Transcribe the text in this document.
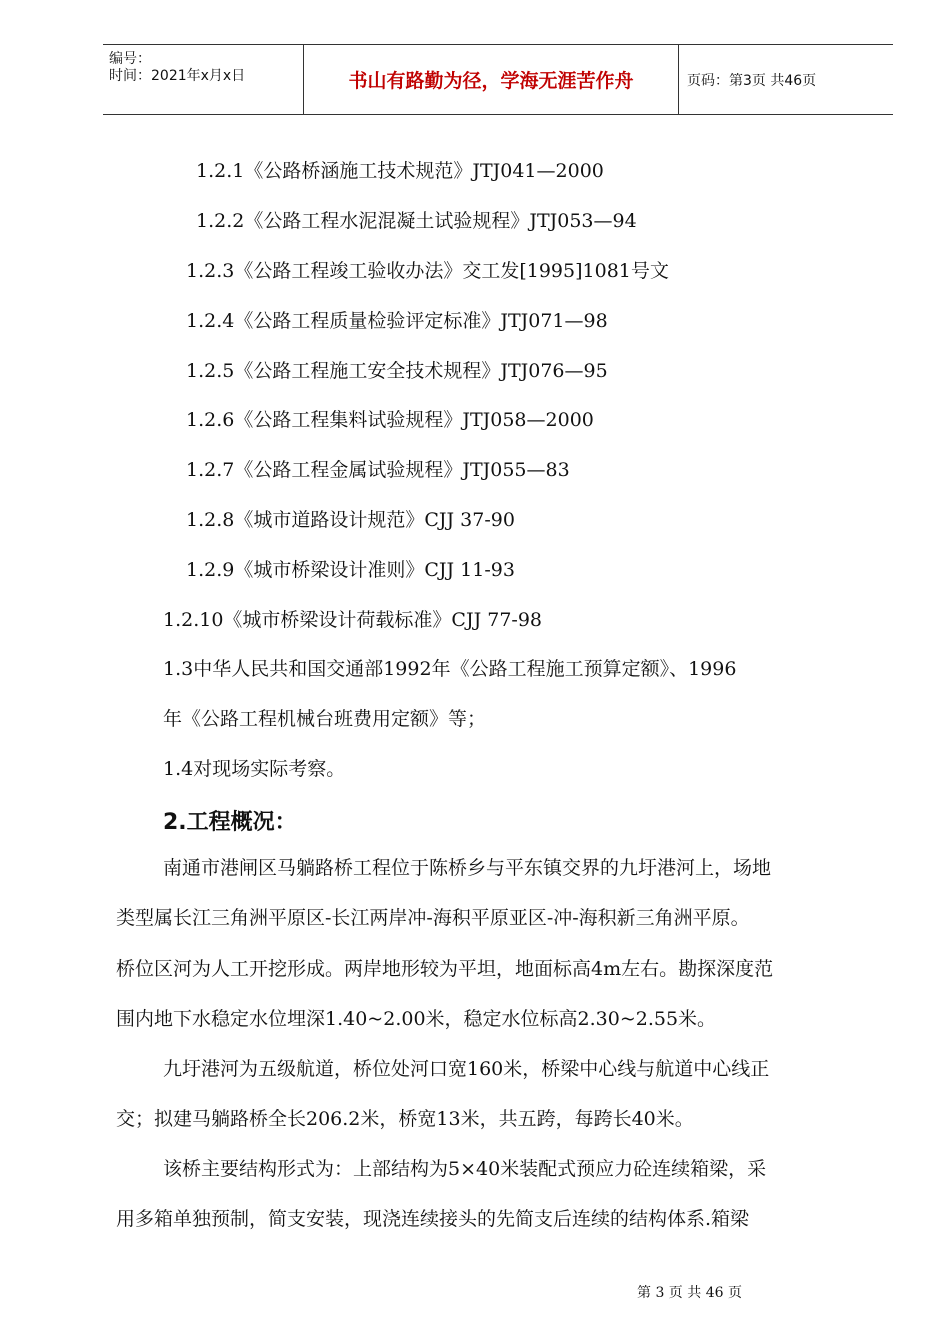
编号：
时间：2021年x月x日	书山有路勤为径，学海无涯苦作舟	页码：第3页 共46页
1.2.1《公路桥涵施工技术规范》JTJ041—2000
1.2.2《公路工程水泥混凝土试验规程》JTJ053—94
1.2.3《公路工程竣工验收办法》交工发[1995]1081号文
1.2.4《公路工程质量检验评定标准》JTJ071—98
1.2.5《公路工程施工安全技术规程》JTJ076—95
1.2.6《公路工程集料试验规程》JTJ058—2000
1.2.7《公路工程金属试验规程》JTJ055—83
1.2.8《城市道路设计规范》CJJ 37-90
1.2.9《城市桥梁设计准则》CJJ 11-93
1.2.10《城市桥梁设计荷载标准》CJJ 77-98
1.3中华人民共和国交通部1992年《公路工程施工预算定额》、1996
年《公路工程机械台班费用定额》等；
1.4对现场实际考察。
2.工程概况：
南通市港闸区马躺路桥工程位于陈桥乡与平东镇交界的九圩港河上，场地
类型属长江三角洲平原区-长江两岸冲-海积平原亚区-冲-海积新三角洲平原。
桥位区河为人工开挖形成。两岸地形较为平坦，地面标高4m左右。勘探深度范
围内地下水稳定水位埋深1.40~2.00米，稳定水位标高2.30~2.55米。
九圩港河为五级航道，桥位处河口宽160米，桥梁中心线与航道中心线正
交；拟建马躺路桥全长206.2米，桥宽13米，共五跨，每跨长40米。
该桥主要结构形式为：上部结构为5×40米装配式预应力砼连续箱梁，采
用多箱单独预制，简支安装，现浇连续接头的先简支后连续的结构体系.箱梁
第 3 页 共 46 页
